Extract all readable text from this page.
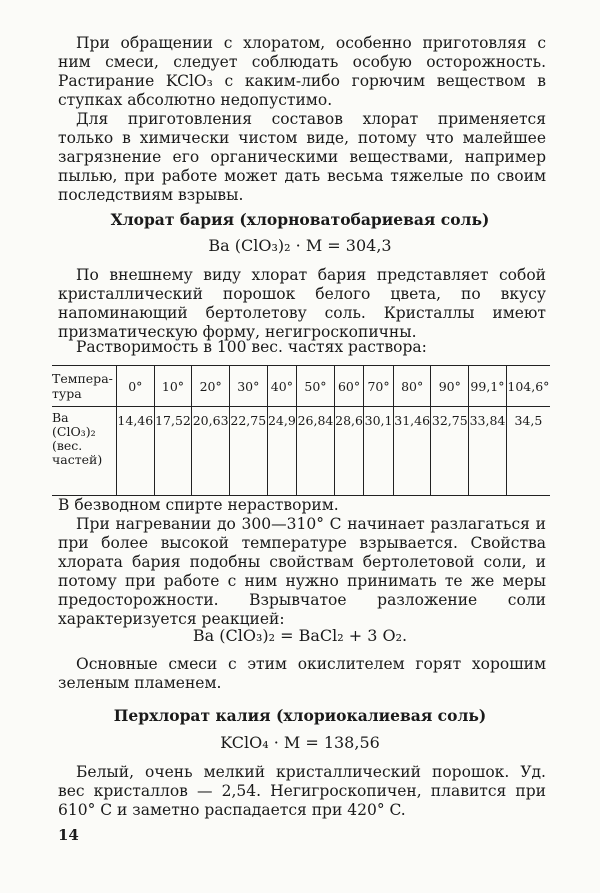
При обращении с хлоратом, особенно приготовляя с ним смеси, следует соблюдать особую осторожность. Растирание KClO₃ с каким-либо горючим веществом в ступках абсолютно недопустимо.

Для приготовления составов хлорат применяется только в химически чистом виде, потому что малейшее загрязнение его органическими веществами, например пылью, при работе может дать весьма тяжелые по своим последствиям взрывы.

Хлорат бария (хлорноватобариевая соль)
Ba (ClO₃)₂ · M = 304,3

По внешнему виду хлорат бария представляет собой кристаллический порошок белого цвета, по вкусу напоминающий бертолетову соль. Кристаллы имеют призматическую форму, негигроскопичны.

Растворимость в 100 вес. частях раствора:

Темпера-тура	0°	10°	20°	30°	40°	50°	60°	70°	80°	90°	99,1°	104,6°
Ba (ClO₃)₂ (вес. частей)	14,46	17,52	20,63	22,75	24,9	26,84	28,6	30,1	31,46	32,75	33,84	34,5

В безводном спирте нерастворим.

При нагревании до 300—310° C начинает разлагаться и при более высокой температуре взрывается. Свойства хлората бария подобны свойствам бертолетовой соли, и потому при работе с ним нужно принимать те же меры предосторожности. Взрывчатое разложение соли характеризуется реакцией:

Ba (ClO₃)₂ = BaCl₂ + 3 O₂.

Основные смеси с этим окислителем горят хорошим зеленым пламенем.

Перхлорат калия (хлориокалиевая соль)
KClO₄ · M = 138,56

Белый, очень мелкий кристаллический порошок. Уд. вес кристаллов — 2,54. Негигроскопичен, плавится при 610° C и заметно распадается при 420° C.

14
